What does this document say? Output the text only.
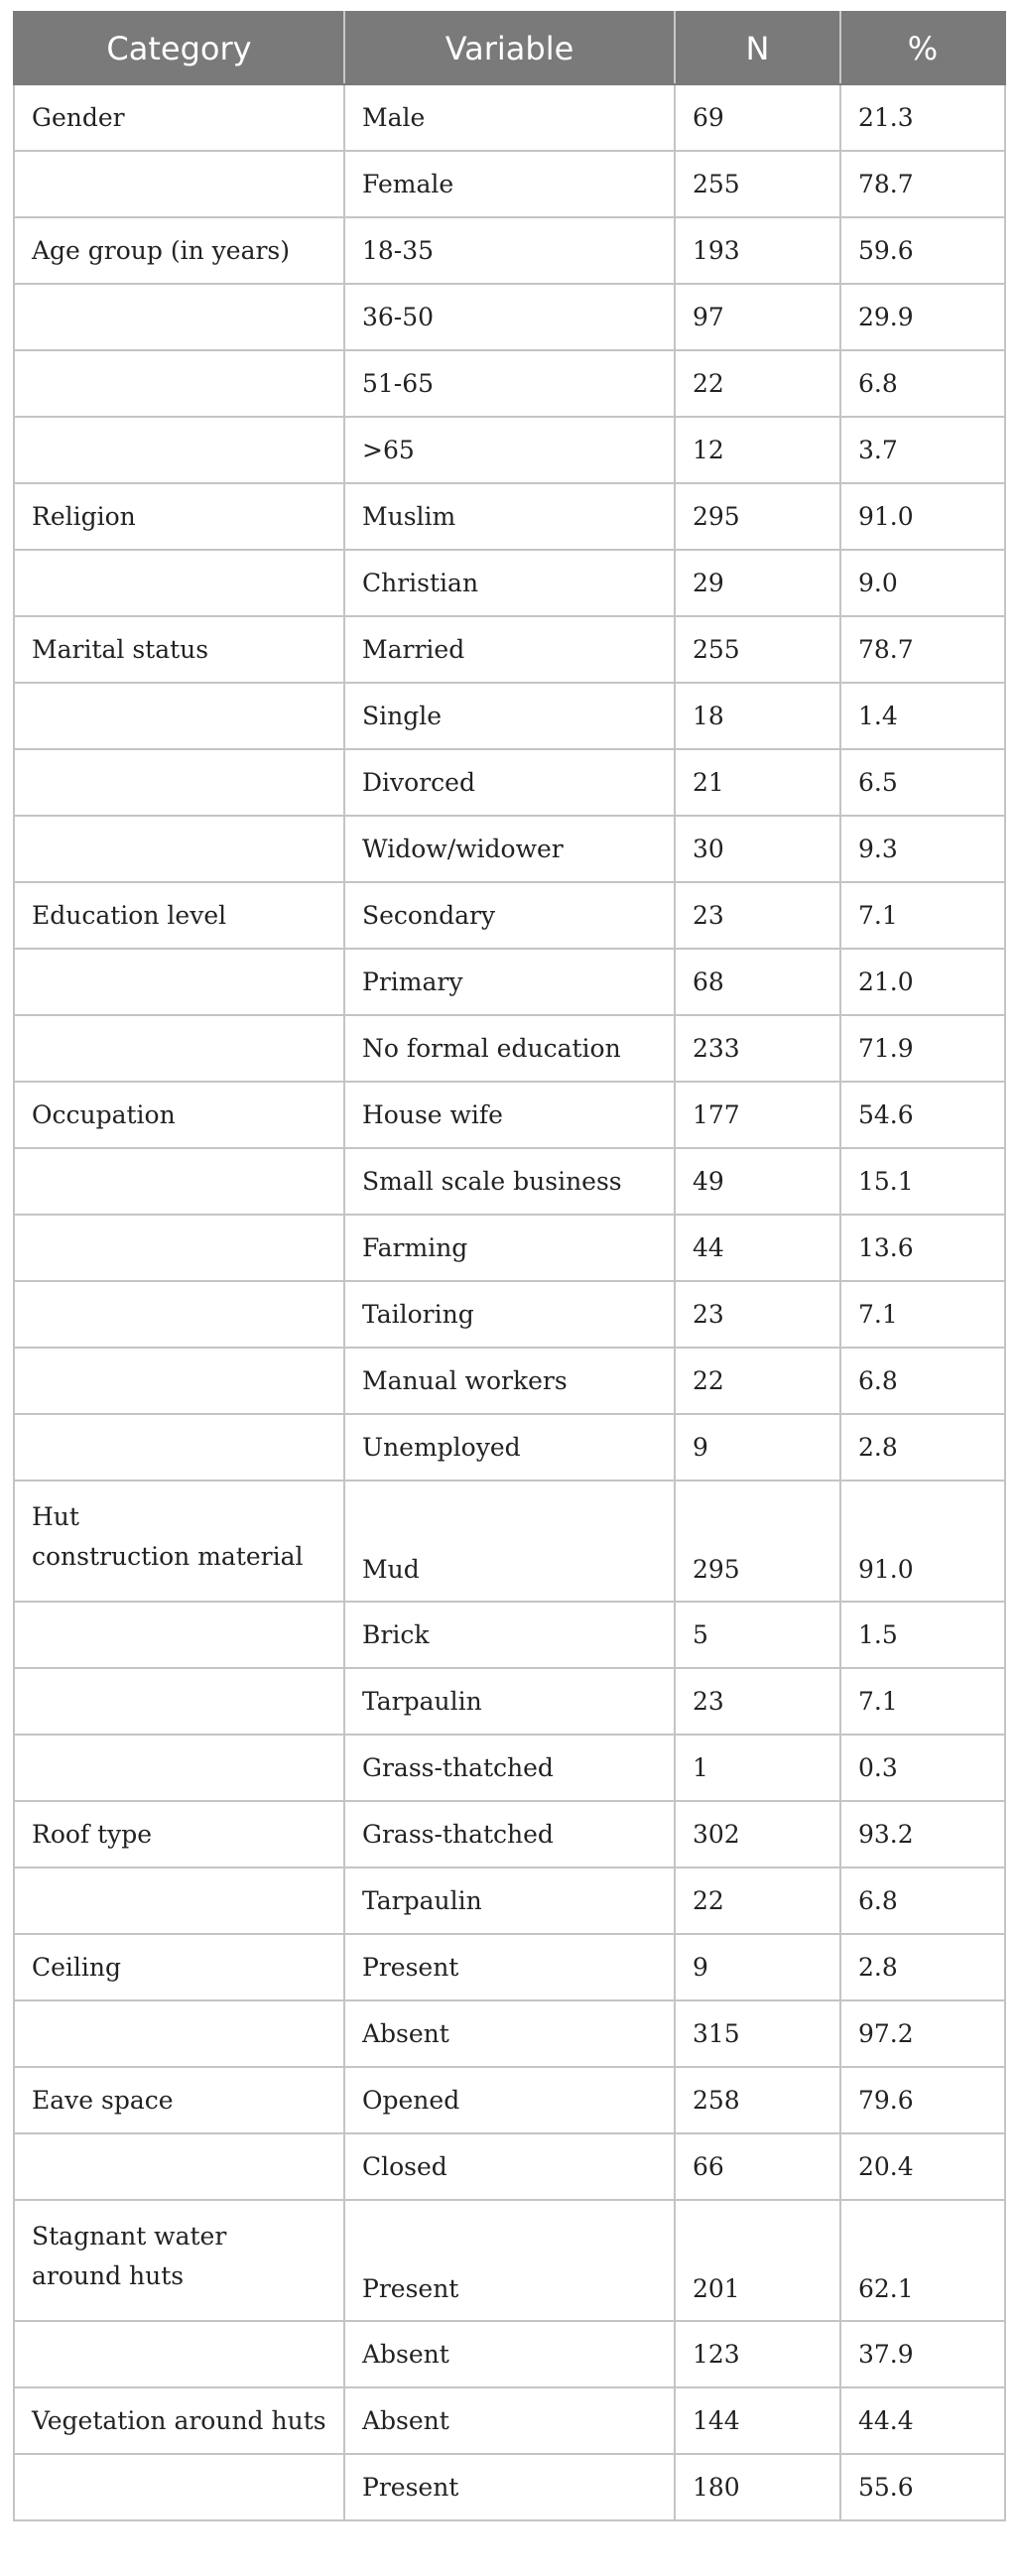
Category	Variable	N	%
Gender	Male	69	21.3
	Female	255	78.7
Age group (in years)	18-35	193	59.6
	36-50	97	29.9
	51-65	22	6.8
	>65	12	3.7
Religion	Muslim	295	91.0
	Christian	29	9.0
Marital status	Married	255	78.7
	Single	18	1.4
	Divorced	21	6.5
	Widow/widower	30	9.3
Education level	Secondary	23	7.1
	Primary	68	21.0
	No formal education	233	71.9
Occupation	House wife	177	54.6
	Small scale business	49	15.1
	Farming	44	13.6
	Tailoring	23	7.1
	Manual workers	22	6.8
	Unemployed	9	2.8

Hut
construction material	Mud	295	91.0
	Brick	5	1.5
	Tarpaulin	23	7.1
	Grass-thatched	1	0.3
Roof type	Grass-thatched	302	93.2
	Tarpaulin	22	6.8
Ceiling	Present	9	2.8
	Absent	315	97.2
Eave space	Opened	258	79.6
	Closed	66	20.4

Stagnant water
around huts	Present	201	62.1
	Absent	123	37.9
Vegetation around huts	Absent	144	44.4
	Present	180	55.6
